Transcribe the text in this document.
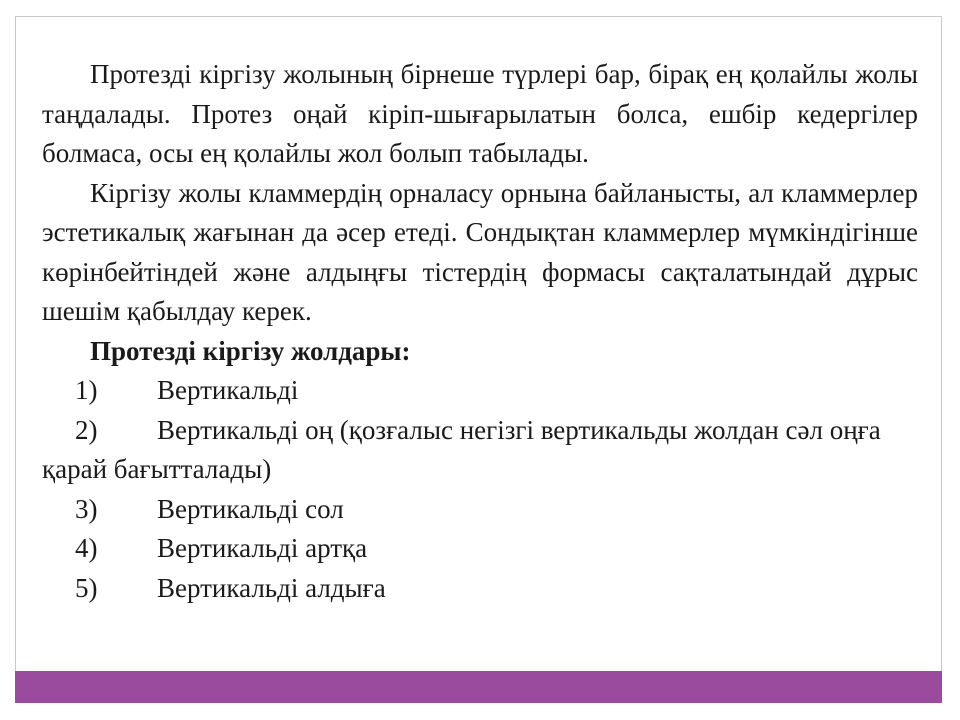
Протезді кіргізу жолының бірнеше түрлері бар, бірақ ең қолайлы жолы таңдалады. Протез оңай кіріп-шығарылатын болса, ешбір кедергілер болмаса, осы ең қолайлы жол болып табылады.

Кіргізу жолы кламмердің орналасу орнына байланысты, ал кламмерлер эстетикалық жағынан да әсер етеді. Сондықтан кламмерлер мүмкіндігінше көрінбейтіндей және алдыңғы тістердің формасы сақталатындай дұрыс шешім қабылдау керек.

Протезді кіргізу жолдары:

1) Вертикальді
2) Вертикальді оң (қозғалыс негізгі вертикальды жолдан сәл оңға қарай бағытталады)
3) Вертикальді сол
4) Вертикальді артқа
5) Вертикальді алдыға
